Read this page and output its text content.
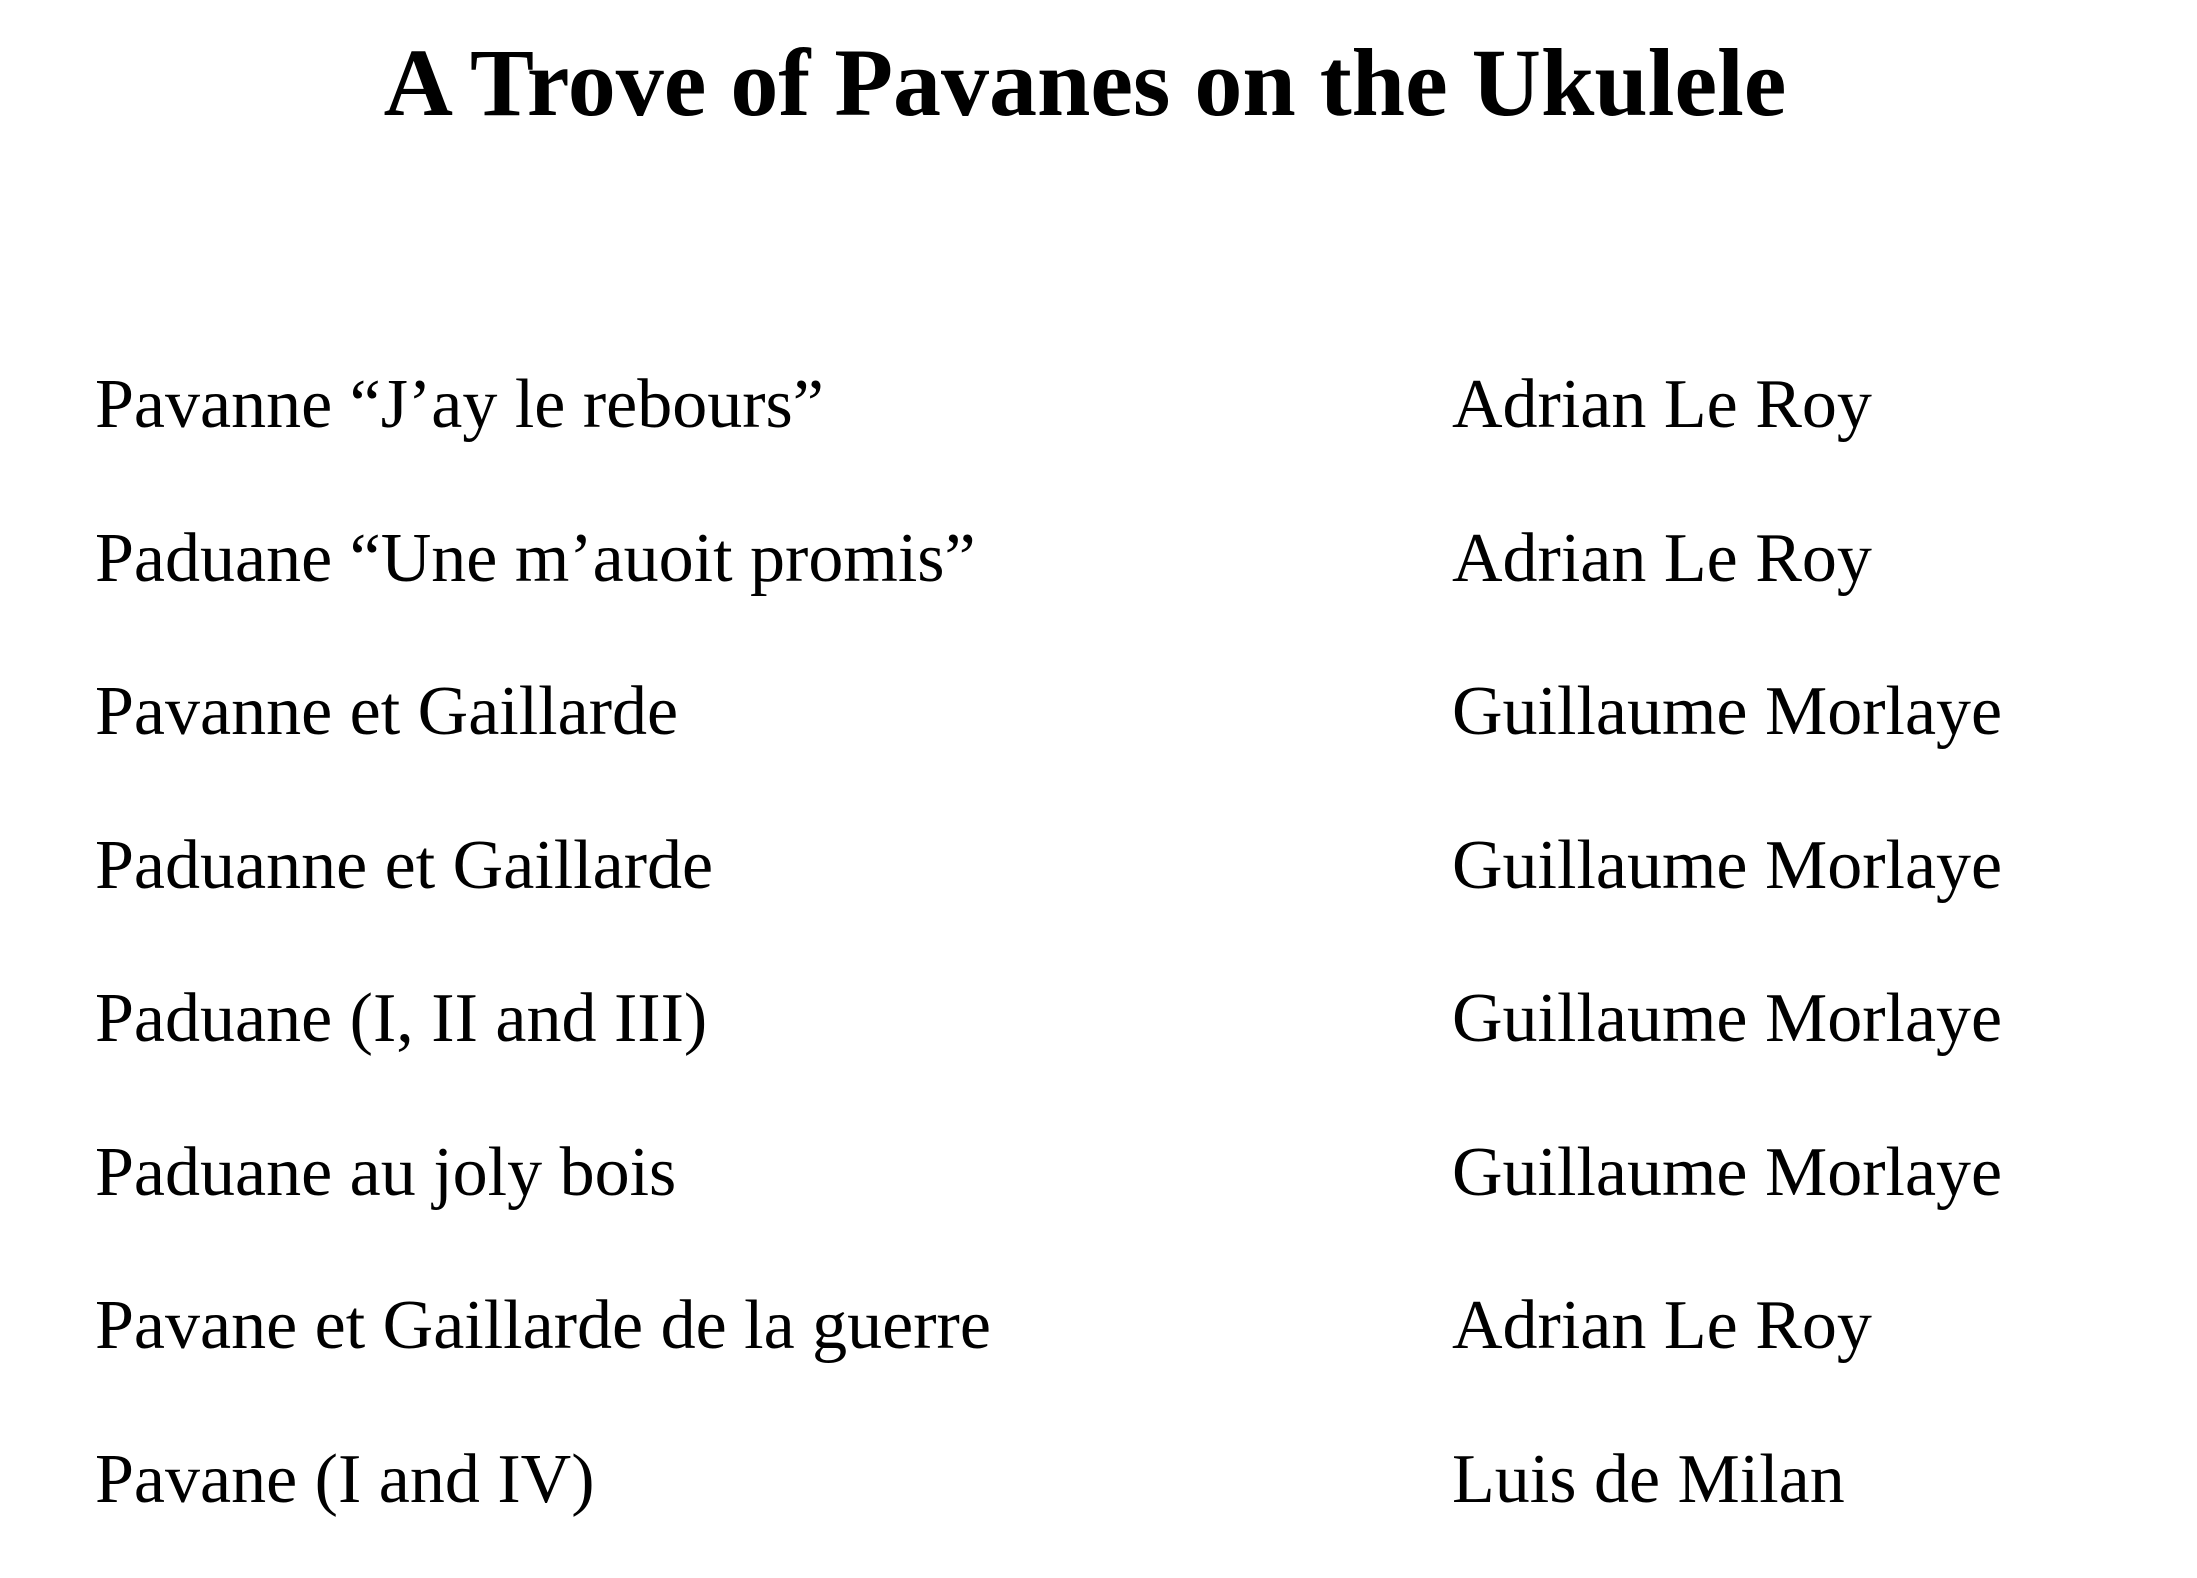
A Trove of Pavanes on the Ukulele
Pavanne “J’ay le rebours”	Adrian Le Roy
Paduane “Une m’auoit promis”	Adrian Le Roy
Pavanne et Gaillarde	Guillaume Morlaye
Paduanne et Gaillarde	Guillaume Morlaye
Paduane (I, II and III)	Guillaume Morlaye
Paduane au joly bois	Guillaume Morlaye
Pavane et Gaillarde de la guerre	Adrian Le Roy
Pavane (I and IV)	Luis de Milan
